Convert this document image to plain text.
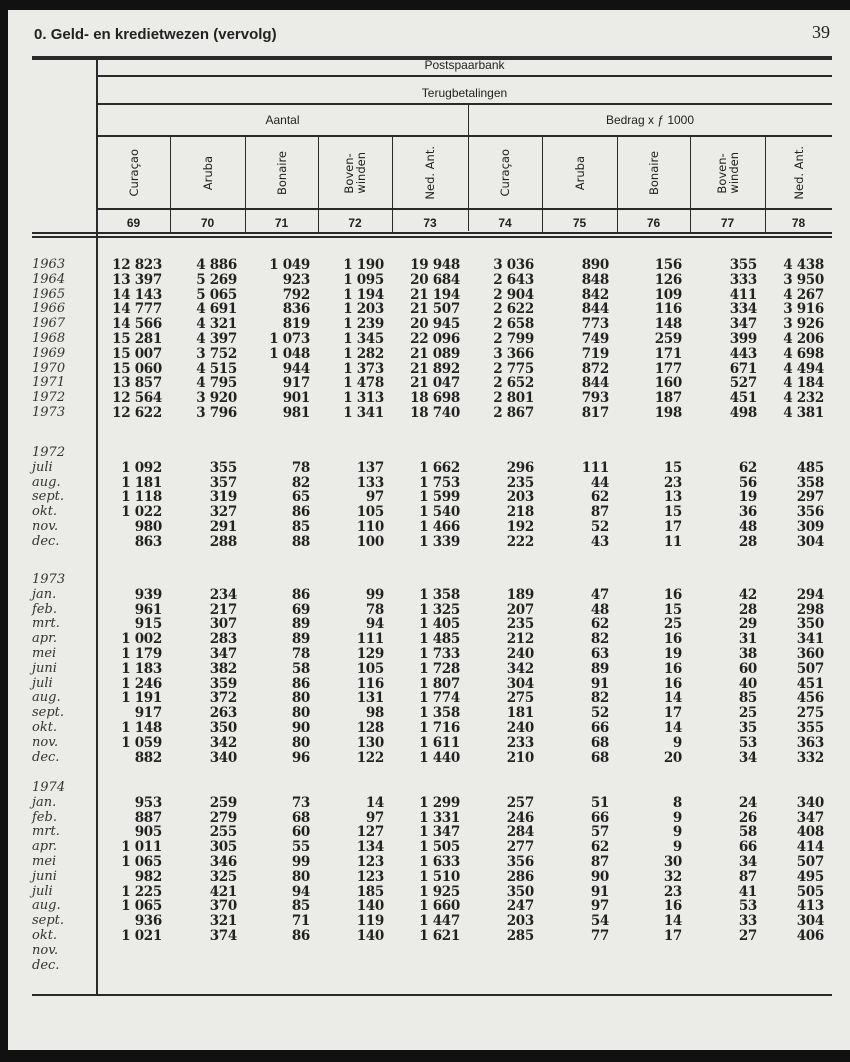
0. Geld- en kredietwezen (vervolg)	39
Postspaarbank
Terugbetalingen
Aantal	Bedrag x ƒ 1000
Curaçao
69
Aruba
70
Bonaire
71
Boven-
winden
72
Ned. Ant.
73
Curaçao
74
Aruba
75
Bonaire
76
Boven-
winden
77
Ned. Ant.
78
1963	12 823	4 886	1 049	1 190	19 948	3 036	890	156	355	4 438
1964	13 397	5 269	923	1 095	20 684	2 643	848	126	333	3 950
1965	14 143	5 065	792	1 194	21 194	2 904	842	109	411	4 267
1966	14 777	4 691	836	1 203	21 507	2 622	844	116	334	3 916
1967	14 566	4 321	819	1 239	20 945	2 658	773	148	347	3 926
1968	15 281	4 397	1 073	1 345	22 096	2 799	749	259	399	4 206
1969	15 007	3 752	1 048	1 282	21 089	3 366	719	171	443	4 698
1970	15 060	4 515	944	1 373	21 892	2 775	872	177	671	4 494
1971	13 857	4 795	917	1 478	21 047	2 652	844	160	527	4 184
1972	12 564	3 920	901	1 313	18 698	2 801	793	187	451	4 232
1973	12 622	3 796	981	1 341	18 740	2 867	817	198	498	4 381
1972
juli	1 092	355	78	137	1 662	296	111	15	62	485
aug.	1 181	357	82	133	1 753	235	44	23	56	358
sept.	1 118	319	65	97	1 599	203	62	13	19	297
okt.	1 022	327	86	105	1 540	218	87	15	36	356
nov.	980	291	85	110	1 466	192	52	17	48	309
dec.	863	288	88	100	1 339	222	43	11	28	304
1973
jan.	939	234	86	99	1 358	189	47	16	42	294
feb.	961	217	69	78	1 325	207	48	15	28	298
mrt.	915	307	89	94	1 405	235	62	25	29	350
apr.	1 002	283	89	111	1 485	212	82	16	31	341
mei	1 179	347	78	129	1 733	240	63	19	38	360
juni	1 183	382	58	105	1 728	342	89	16	60	507
juli	1 246	359	86	116	1 807	304	91	16	40	451
aug.	1 191	372	80	131	1 774	275	82	14	85	456
sept.	917	263	80	98	1 358	181	52	17	25	275
okt.	1 148	350	90	128	1 716	240	66	14	35	355
nov.	1 059	342	80	130	1 611	233	68	9	53	363
dec.	882	340	96	122	1 440	210	68	20	34	332
1974
jan.	953	259	73	14	1 299	257	51	8	24	340
feb.	887	279	68	97	1 331	246	66	9	26	347
mrt.	905	255	60	127	1 347	284	57	9	58	408
apr.	1 011	305	55	134	1 505	277	62	9	66	414
mei	1 065	346	99	123	1 633	356	87	30	34	507
juni	982	325	80	123	1 510	286	90	32	87	495
juli	1 225	421	94	185	1 925	350	91	23	41	505
aug.	1 065	370	85	140	1 660	247	97	16	53	413
sept.	936	321	71	119	1 447	203	54	14	33	304
okt.	1 021	374	86	140	1 621	285	77	17	27	406
nov.
dec.
